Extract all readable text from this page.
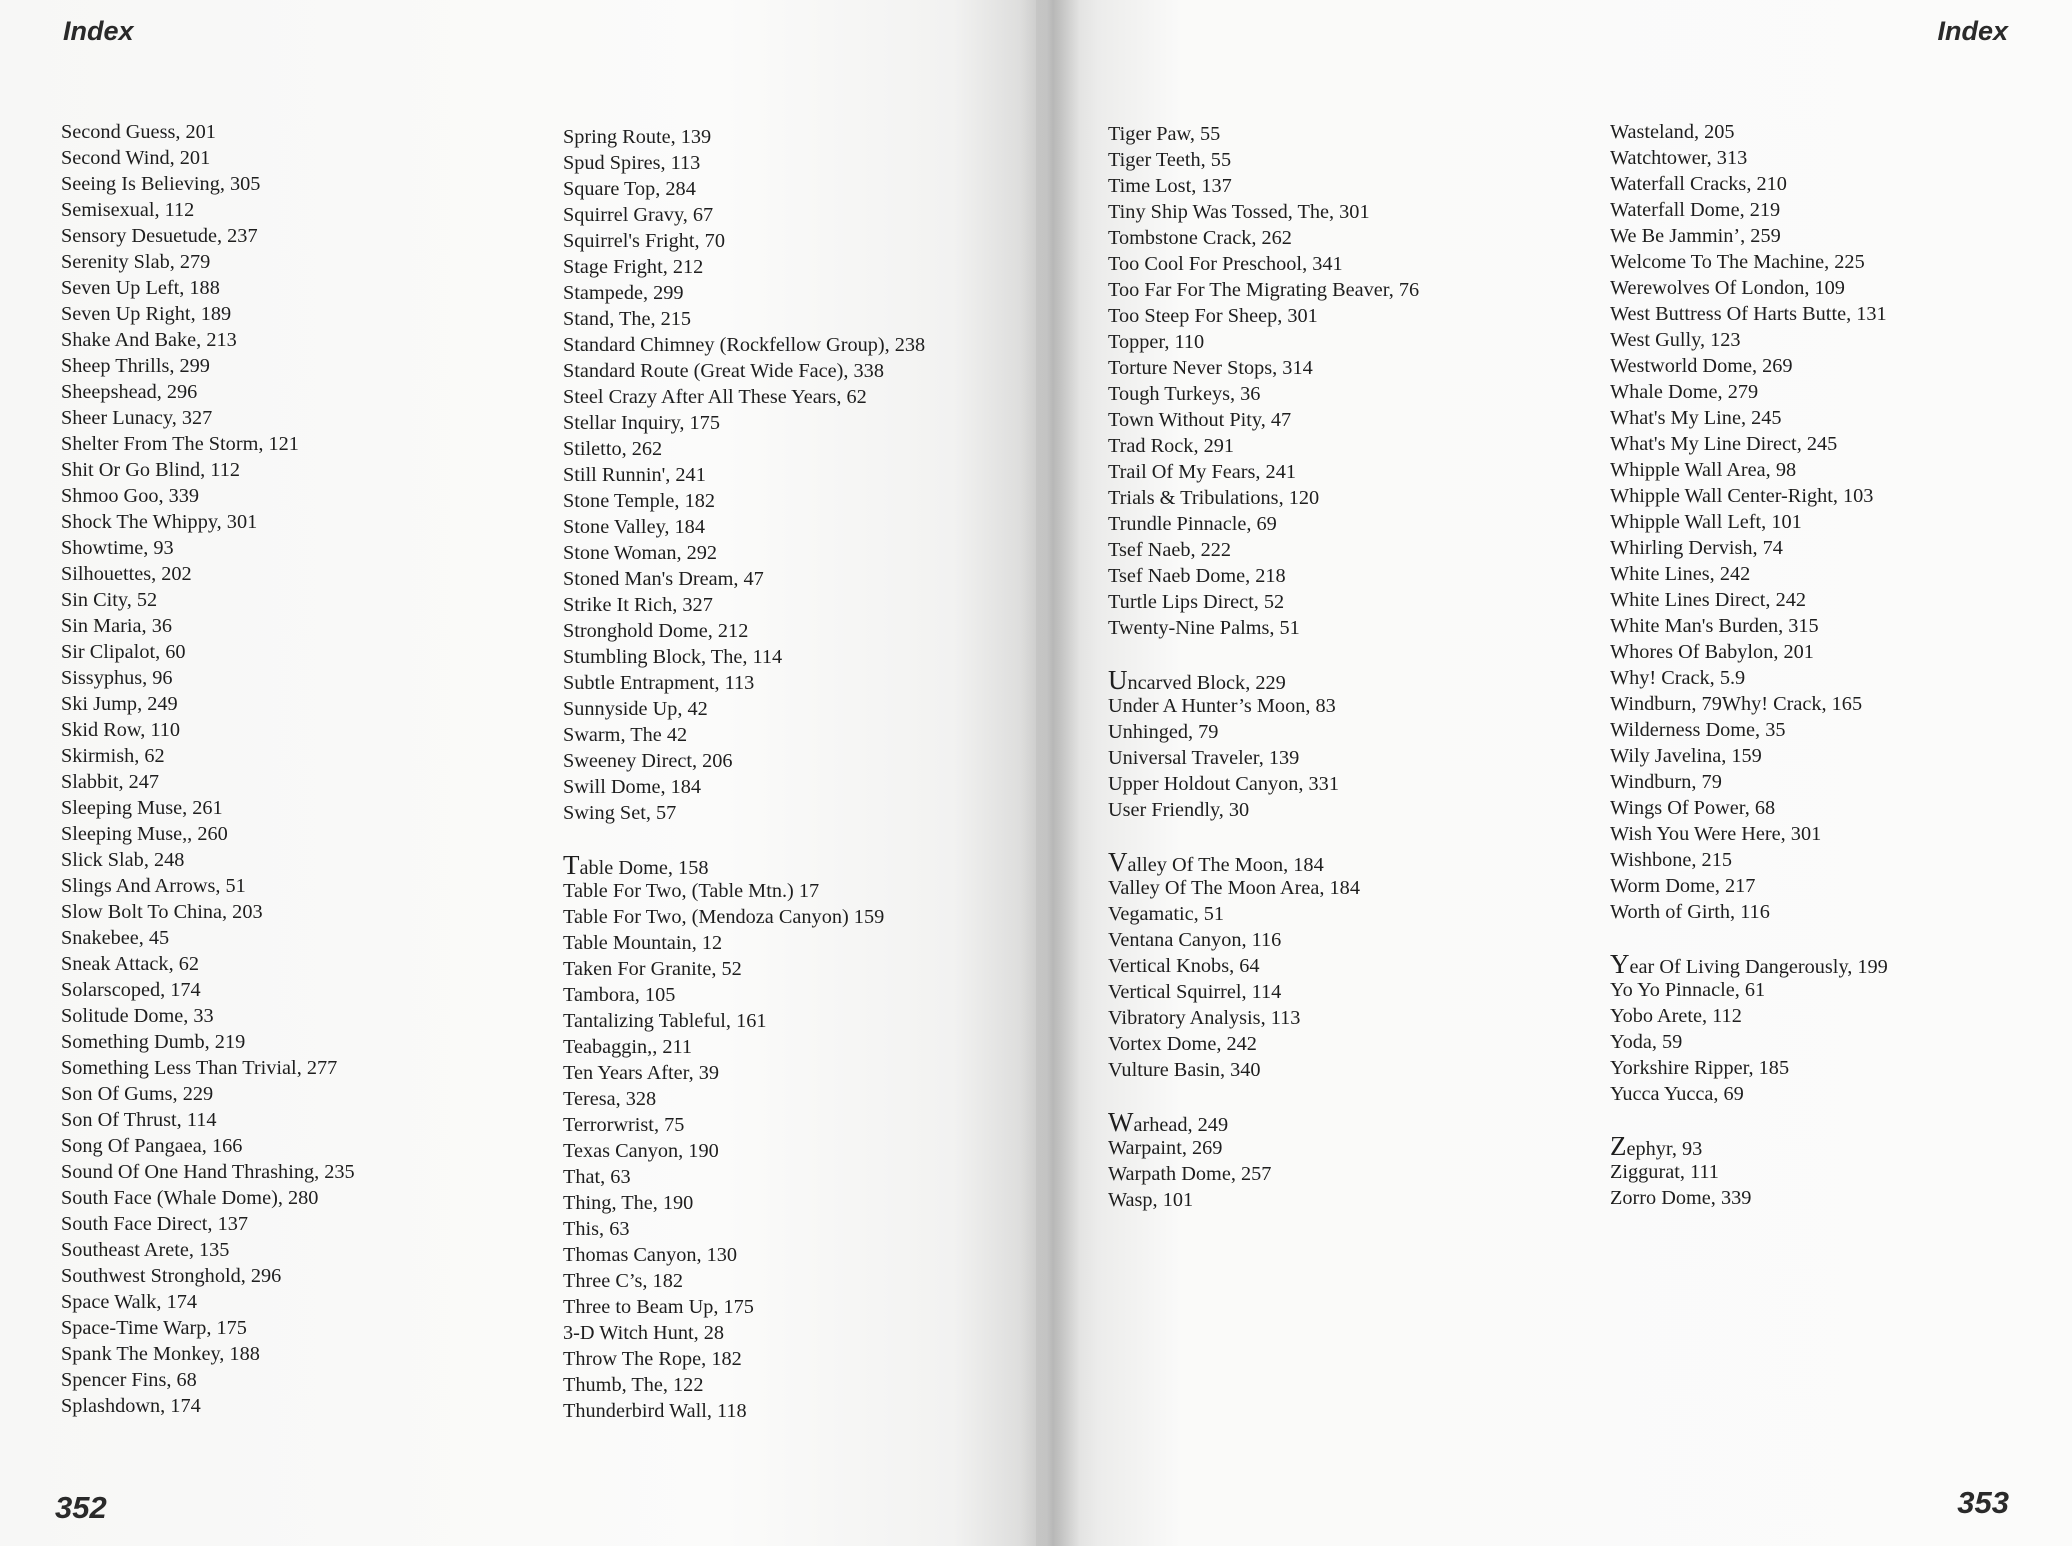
Index
Second Guess, 201
Second Wind, 201
Seeing Is Believing, 305
Semisexual, 112
Sensory Desuetude, 237
Serenity Slab, 279
Seven Up Left, 188
Seven Up Right, 189
Shake And Bake, 213
Sheep Thrills, 299
Sheepshead, 296
Sheer Lunacy, 327
Shelter From The Storm, 121
Shit Or Go Blind, 112
Shmoo Goo, 339
Shock The Whippy, 301
Showtime, 93
Silhouettes, 202
Sin City, 52
Sin Maria, 36
Sir Clipalot, 60
Sissyphus, 96
Ski Jump, 249
Skid Row, 110
Skirmish, 62
Slabbit, 247
Sleeping Muse, 261
Sleeping Muse,, 260
Slick Slab, 248
Slings And Arrows, 51
Slow Bolt To China, 203
Snakebee, 45
Sneak Attack, 62
Solarscoped, 174
Solitude Dome, 33
Something Dumb, 219
Something Less Than Trivial, 277
Son Of Gums, 229
Son Of Thrust, 114
Song Of Pangaea, 166
Sound Of One Hand Thrashing, 235
South Face (Whale Dome), 280
South Face Direct, 137
Southeast Arete, 135
Southwest Stronghold, 296
Space Walk, 174
Space-Time Warp, 175
Spank The Monkey, 188
Spencer Fins, 68
Splashdown, 174
Spring Route, 139
Spud Spires, 113
Square Top, 284
Squirrel Gravy, 67
Squirrel's Fright, 70
Stage Fright, 212
Stampede, 299
Stand, The, 215
Standard Chimney (Rockfellow Group), 238
Standard Route (Great Wide Face), 338
Steel Crazy After All These Years, 62
Stellar Inquiry, 175
Stiletto, 262
Still Runnin', 241
Stone Temple, 182
Stone Valley, 184
Stone Woman, 292
Stoned Man's Dream, 47
Strike It Rich, 327
Stronghold Dome, 212
Stumbling Block, The, 114
Subtle Entrapment, 113
Sunnyside Up, 42
Swarm, The 42
Sweeney Direct, 206
Swill Dome, 184
Swing Set, 57
Table Dome, 158
Table For Two, (Table Mtn.) 17
Table For Two, (Mendoza Canyon) 159
Table Mountain, 12
Taken For Granite, 52
Tambora, 105
Tantalizing Tableful, 161
Teabaggin,, 211
Ten Years After, 39
Teresa, 328
Terrorwrist, 75
Texas Canyon, 190
That, 63
Thing, The, 190
This, 63
Thomas Canyon, 130
Three C’s, 182
Three to Beam Up, 175
3-D Witch Hunt, 28
Throw The Rope, 182
Thumb, The, 122
Thunderbird Wall, 118
352
Index
Tiger Paw, 55
Tiger Teeth, 55
Time Lost, 137
Tiny Ship Was Tossed, The, 301
Tombstone Crack, 262
Too Cool For Preschool, 341
Too Far For The Migrating Beaver, 76
Too Steep For Sheep, 301
Topper, 110
Torture Never Stops, 314
Tough Turkeys, 36
Town Without Pity, 47
Trad Rock, 291
Trail Of My Fears, 241
Trials & Tribulations, 120
Trundle Pinnacle, 69
Tsef Naeb, 222
Tsef Naeb Dome, 218
Turtle Lips Direct, 52
Twenty-Nine Palms, 51
Uncarved Block, 229
Under A Hunter’s Moon, 83
Unhinged, 79
Universal Traveler, 139
Upper Holdout Canyon, 331
User Friendly, 30
Valley Of The Moon, 184
Valley Of The Moon Area, 184
Vegamatic, 51
Ventana Canyon, 116
Vertical Knobs, 64
Vertical Squirrel, 114
Vibratory Analysis, 113
Vortex Dome, 242
Vulture Basin, 340
Warhead, 249
Warpaint, 269
Warpath Dome, 257
Wasp, 101
Wasteland, 205
Watchtower, 313
Waterfall Cracks, 210
Waterfall Dome, 219
We Be Jammin’, 259
Welcome To The Machine, 225
Werewolves Of London, 109
West Buttress Of Harts Butte, 131
West Gully, 123
Westworld Dome, 269
Whale Dome, 279
What's My Line, 245
What's My Line Direct, 245
Whipple Wall Area, 98
Whipple Wall Center-Right, 103
Whipple Wall Left, 101
Whirling Dervish, 74
White Lines, 242
White Lines Direct, 242
White Man's Burden, 315
Whores Of Babylon, 201
Why! Crack, 5.9
Windburn, 79Why! Crack, 165
Wilderness Dome, 35
Wily Javelina, 159
Windburn, 79
Wings Of Power, 68
Wish You Were Here, 301
Wishbone, 215
Worm Dome, 217
Worth of Girth, 116
Year Of Living Dangerously, 199
Yo Yo Pinnacle, 61
Yobo Arete, 112
Yoda, 59
Yorkshire Ripper, 185
Yucca Yucca, 69
Zephyr, 93
Ziggurat, 111
Zorro Dome, 339
353
